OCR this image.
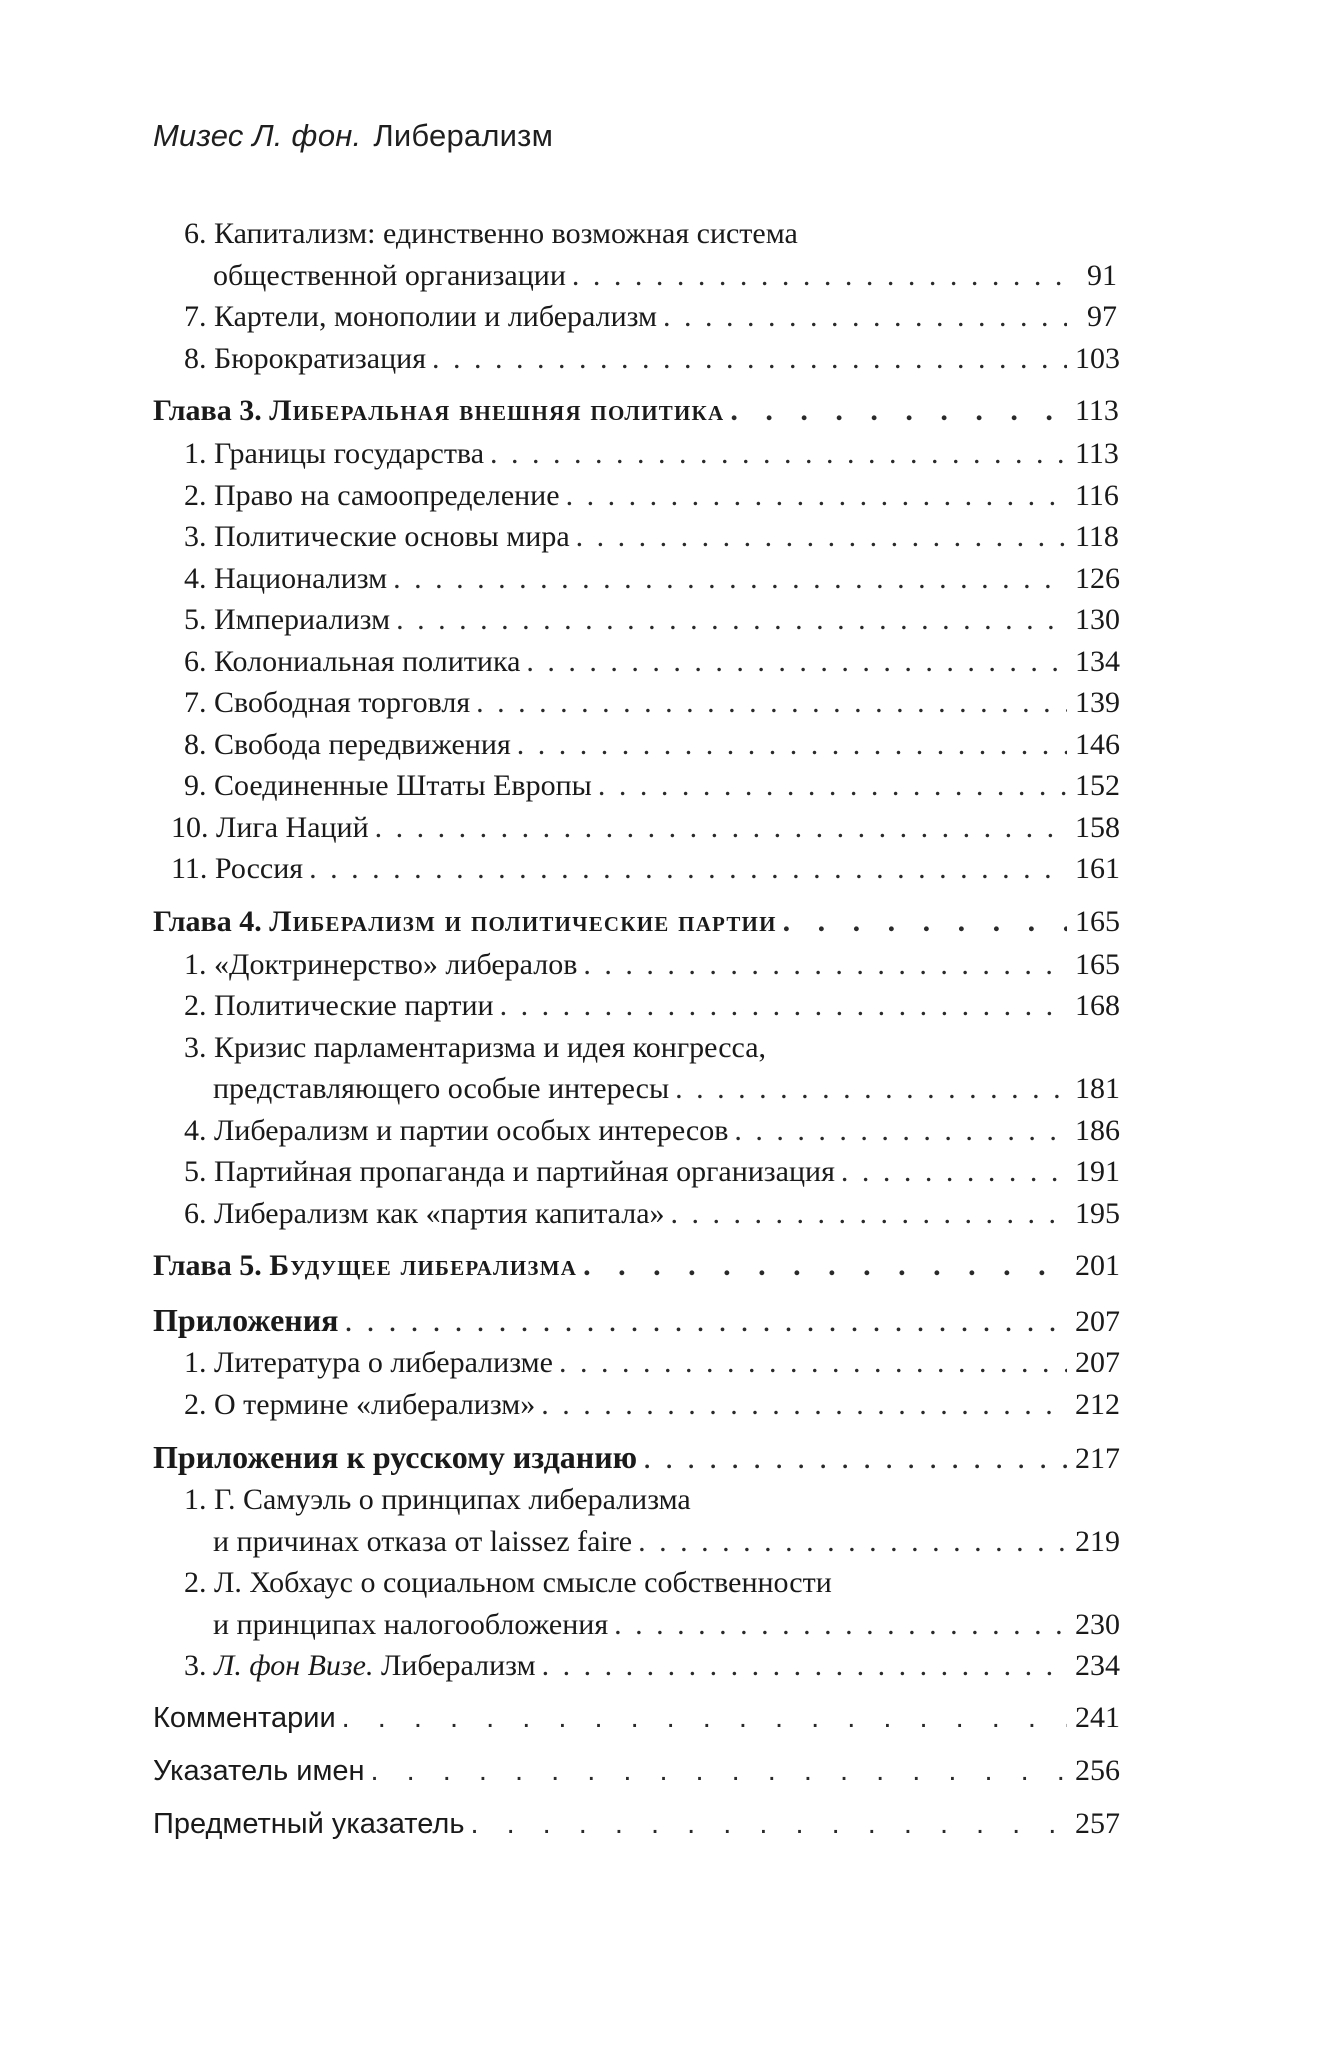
Мизес Л. фон. Либерализм
6. Капитализм: единственно возможная система
общественной организации . . .	91
7. Картели, монополии и либерализм . . .	97
8. Бюрократизация . . .	103
Глава 3. Либеральная внешняя политика . . .	113
1. Границы государства . . .	113
2. Право на самоопределение . . .	116
3. Политические основы мира . . .	118
4. Национализм . . .	126
5. Империализм . . .	130
6. Колониальная политика . . .	134
7. Свободная торговля . . .	139
8. Свобода передвижения . . .	146
9. Соединенные Штаты Европы . . .	152
10. Лига Наций . . .	158
11. Россия . . .	161
Глава 4. Либерализм и политические партии . . .	165
1. «Доктринерство» либералов . . .	165
2. Политические партии . . .	168
3. Кризис парламентаризма и идея конгресса,
представляющего особые интересы . . .	181
4. Либерализм и партии особых интересов . . .	186
5. Партийная пропаганда и партийная организация . . .	191
6. Либерализм как «партия капитала» . . .	195
Глава 5. Будущее либерализма . . .	201
Приложения . . .	207
1. Литература о либерализме . . .	207
2. О термине «либерализм» . . .	212
Приложения к русскому изданию . . .	217
1. Г. Самуэль о принципах либерализма
и причинах отказа от laissez faire . . .	219
2. Л. Хобхаус о социальном смысле собственности
и принципах налогообложения . . .	230
3. Л. фон Визе. Либерализм . . .	234
Комментарии . . .	241
Указатель имен . . .	256
Предметный указатель . . .	257
